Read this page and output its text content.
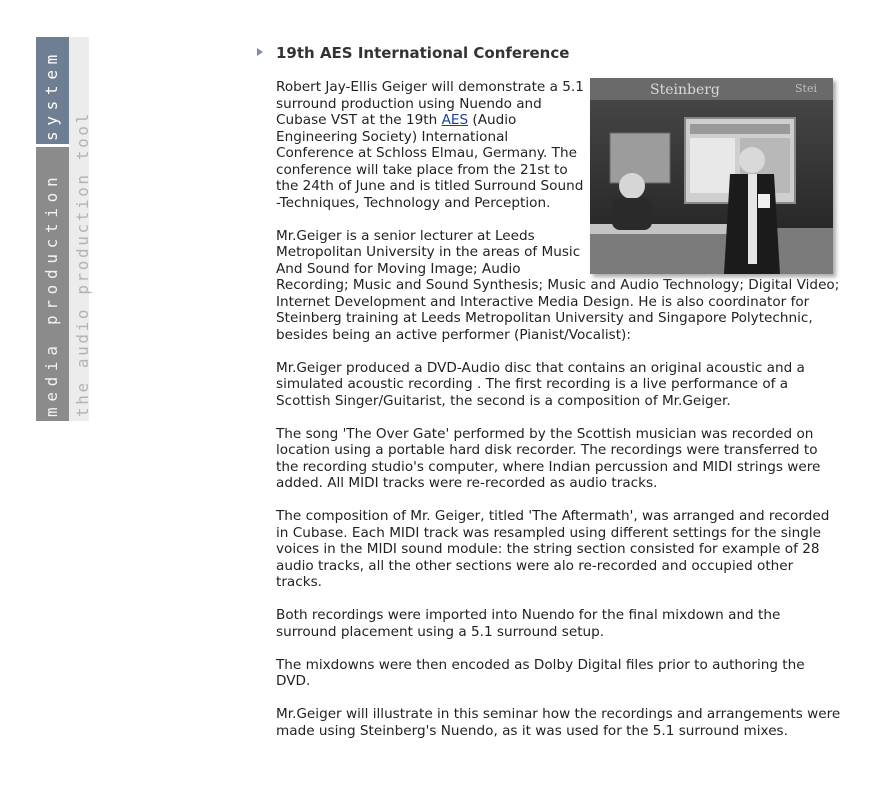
system
media production the audio production tool
19th AES International Conference

Robert Jay-Ellis Geiger will demonstrate a 5.1 surround production using Nuendo and Cubase VST at the 19th AES (Audio Engineering Society) International Conference at Schloss Elmau, Germany. The conference will take place from the 21st to the 24th of June and is titled Surround Sound -Techniques, Technology and Perception.

Mr.Geiger is a senior lecturer at Leeds Metropolitan University in the areas of Music And Sound for Moving Image; Audio Recording; Music and Sound Synthesis; Music and Audio Technology; Digital Video; Internet Development and Interactive Media Design. He is also coordinator for Steinberg training at Leeds Metropolitan University and Singapore Polytechnic, besides being an active performer (Pianist/Vocalist):

Mr.Geiger produced a DVD-Audio disc that contains an original acoustic and a simulated acoustic recording . The first recording is a live performance of a Scottish Singer/Guitarist, the second is a composition of Mr.Geiger.

The song 'The Over Gate' performed by the Scottish musician was recorded on location using a portable hard disk recorder. The recordings were transferred to the recording studio's computer, where Indian percussion and MIDI strings were added. All MIDI tracks were re-recorded as audio tracks.

The composition of Mr. Geiger, titled 'The Aftermath', was arranged and recorded in Cubase. Each MIDI track was resampled using different settings for the single voices in the MIDI sound module: the string section consisted for example of 28 audio tracks, all the other sections were alo re-recorded and occupied other tracks.

Both recordings were imported into Nuendo for the final mixdown and the surround placement using a 5.1 surround setup.

The mixdowns were then encoded as Dolby Digital files prior to authoring the DVD.

Mr.Geiger will illustrate in this seminar how the recordings and arrangements were made using Steinberg's Nuendo, as it was used for the 5.1 surround mixes.

Steinberg	Stei
